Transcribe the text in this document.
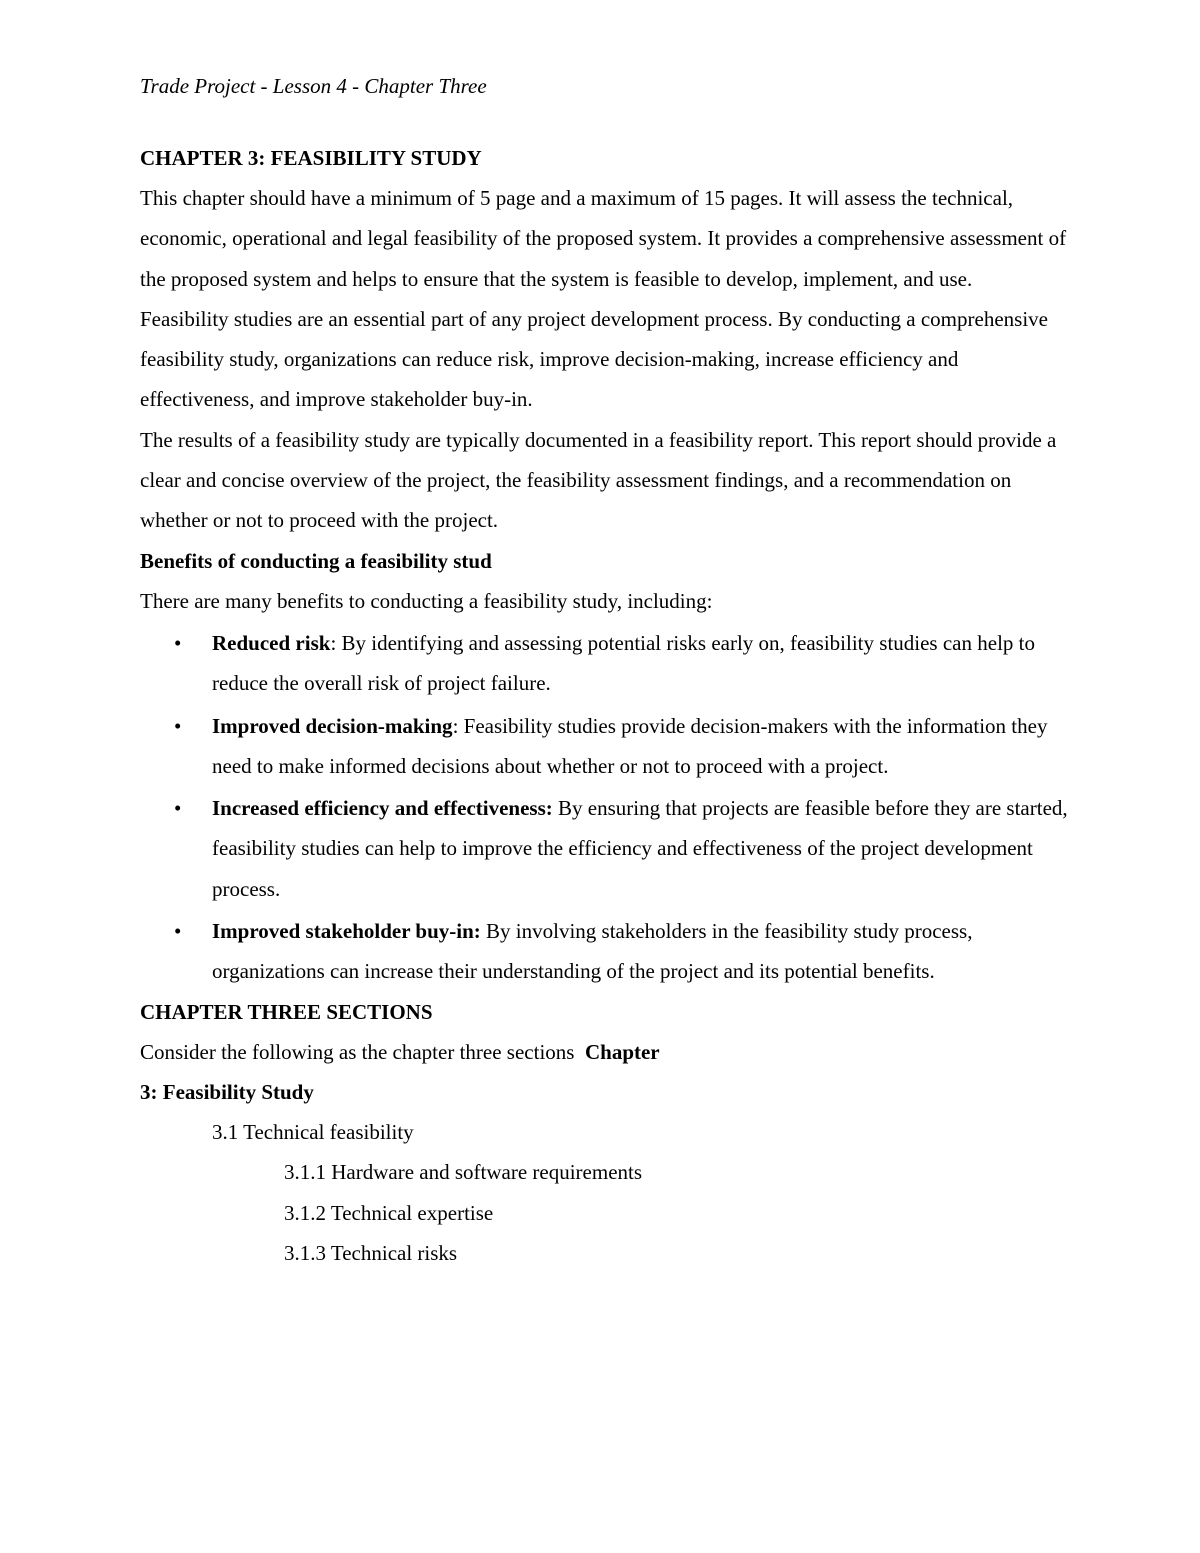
Trade Project - Lesson 4 - Chapter Three

CHAPTER 3: FEASIBILITY STUDY

This chapter should have a minimum of 5 page and a maximum of 15 pages. It will assess the technical, economic, operational and legal feasibility of the proposed system. It provides a comprehensive assessment of the proposed system and helps to ensure that the system is feasible to develop, implement, and use.

Feasibility studies are an essential part of any project development process. By conducting a comprehensive feasibility study, organizations can reduce risk, improve decision-making, increase efficiency and effectiveness, and improve stakeholder buy-in.

The results of a feasibility study are typically documented in a feasibility report. This report should provide a clear and concise overview of the project, the feasibility assessment findings, and a recommendation on whether or not to proceed with the project.

Benefits of conducting a feasibility stud

There are many benefits to conducting a feasibility study, including:

• Reduced risk: By identifying and assessing potential risks early on, feasibility studies can help to reduce the overall risk of project failure.
• Improved decision-making: Feasibility studies provide decision-makers with the information they need to make informed decisions about whether or not to proceed with a project.
• Increased efficiency and effectiveness: By ensuring that projects are feasible before they are started, feasibility studies can help to improve the efficiency and effectiveness of the project development process.
• Improved stakeholder buy-in: By involving stakeholders in the feasibility study process, organizations can increase their understanding of the project and its potential benefits.

CHAPTER THREE SECTIONS

Consider the following as the chapter three sections Chapter

3: Feasibility Study

3.1 Technical feasibility

3.1.1 Hardware and software requirements

3.1.2 Technical expertise

3.1.3 Technical risks
